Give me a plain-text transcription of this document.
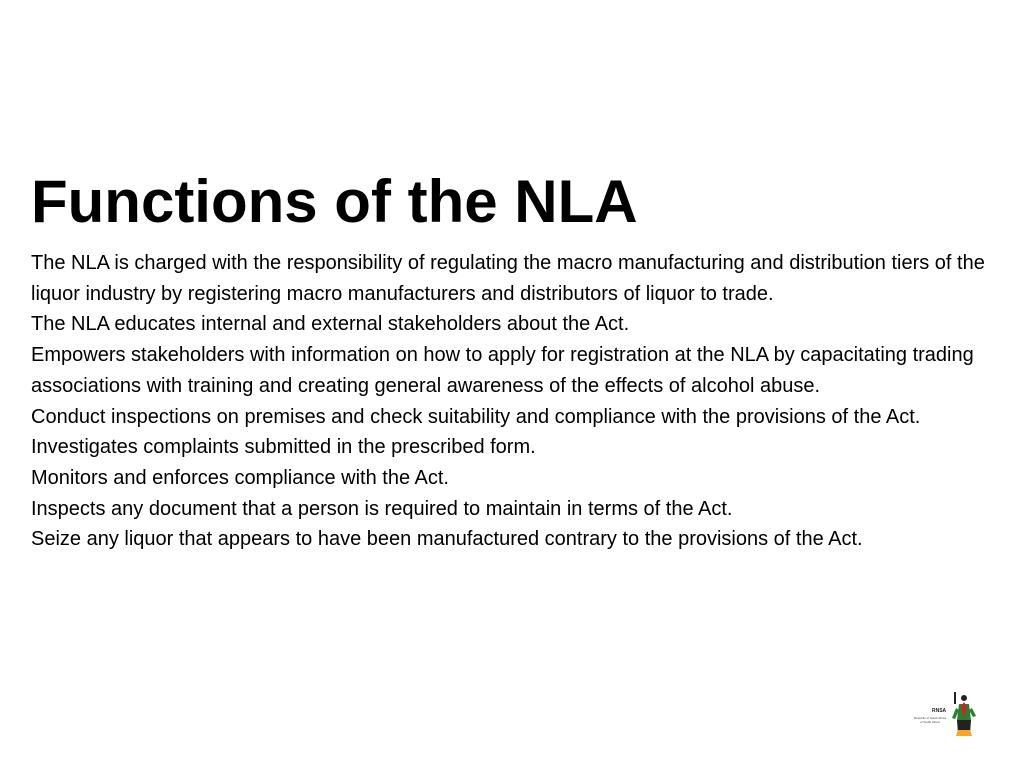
Functions of the NLA
The NLA is charged with the responsibility of regulating the macro manufacturing and distribution tiers of the liquor industry by registering macro manufacturers and distributors of liquor to trade.
The NLA educates internal and external stakeholders about the Act.
Empowers stakeholders with information on how to apply for registration at the NLA by capacitating trading associations with training and creating general awareness of the effects of alcohol abuse.
Conduct inspections on premises and check suitability and compliance with the provisions of the Act.
Investigates complaints submitted in the prescribed form.
Monitors and enforces compliance with the Act.
Inspects any document that a person is required to maintain in terms of the Act.
Seize any liquor that appears to have been manufactured contrary to the provisions of the Act.
RNSA
Republic of South Africa
of South Africa
